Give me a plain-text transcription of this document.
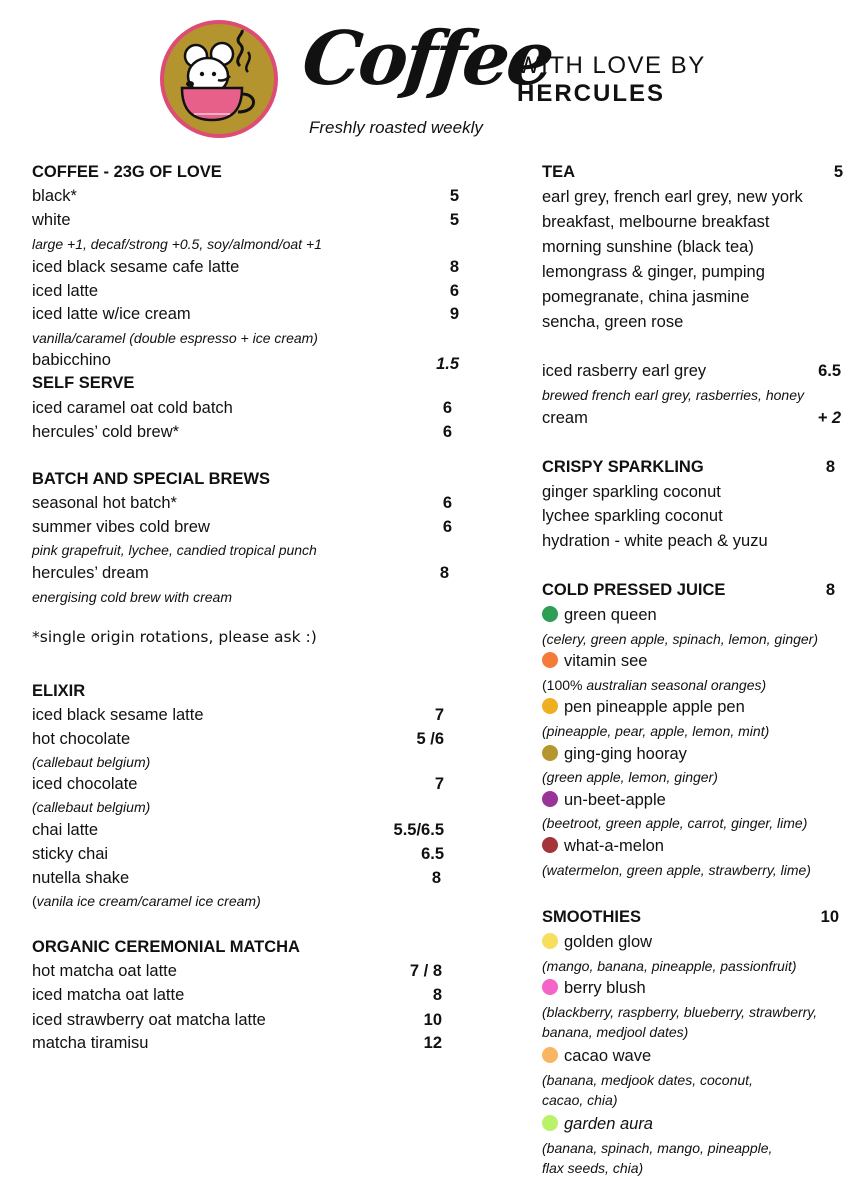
Coffee
Freshly roasted weekly
WITH LOVE BY
HERCULES
COFFEE - 23G OF LOVE
black*	5
white	5
large +1, decaf/strong +0.5, soy/almond/oat +1
iced black sesame cafe latte	8
iced latte	6
iced latte w/ice cream	9
vanilla/caramel (double espresso + ice cream)
babicchino	1.5
SELF SERVE
iced caramel oat cold batch	6
hercules’ cold brew*	6
BATCH AND SPECIAL BREWS
seasonal hot batch*	6
summer vibes cold brew	6
pink grapefruit, lychee, candied tropical punch
hercules’ dream	8
energising cold brew with cream
*single origin rotations, please ask :)
ELIXIR
iced black sesame latte	7
hot chocolate	5 /6
(callebaut belgium)
iced chocolate	7
(callebaut belgium)
chai latte	5.5/6.5
sticky chai	6.5
nutella shake	8
(vanila ice cream/caramel ice cream)
ORGANIC CEREMONIAL MATCHA
hot matcha oat latte	7 / 8
iced matcha oat latte	8
iced strawberry oat matcha latte	10
matcha tiramisu	12
TEA	5
earl grey, french earl grey, new york
breakfast, melbourne breakfast
morning sunshine (black tea)
lemongrass & ginger, pumping
pomegranate, china jasmine
sencha, green rose
iced rasberry earl grey	6.5
brewed french earl grey, rasberries, honey
cream	+ 2
CRISPY SPARKLING	8
ginger sparkling coconut
lychee sparkling coconut
hydration - white peach & yuzu
COLD PRESSED JUICE	8
green queen
(celery, green apple, spinach, lemon, ginger)
vitamin see
(100% australian seasonal oranges)
pen pineapple apple pen
(pineapple, pear, apple, lemon, mint)
ging-ging hooray
(green apple, lemon, ginger)
un-beet-apple
(beetroot, green apple, carrot, ginger, lime)
what-a-melon
(watermelon, green apple, strawberry, lime)
SMOOTHIES	10
golden glow
(mango, banana, pineapple, passionfruit)
berry blush
(blackberry, raspberry, blueberry, strawberry,
banana, medjool dates)
cacao wave
(banana, medjook dates, coconut,
cacao, chia)
garden aura
(banana, spinach, mango, pineapple,
flax seeds, chia)
